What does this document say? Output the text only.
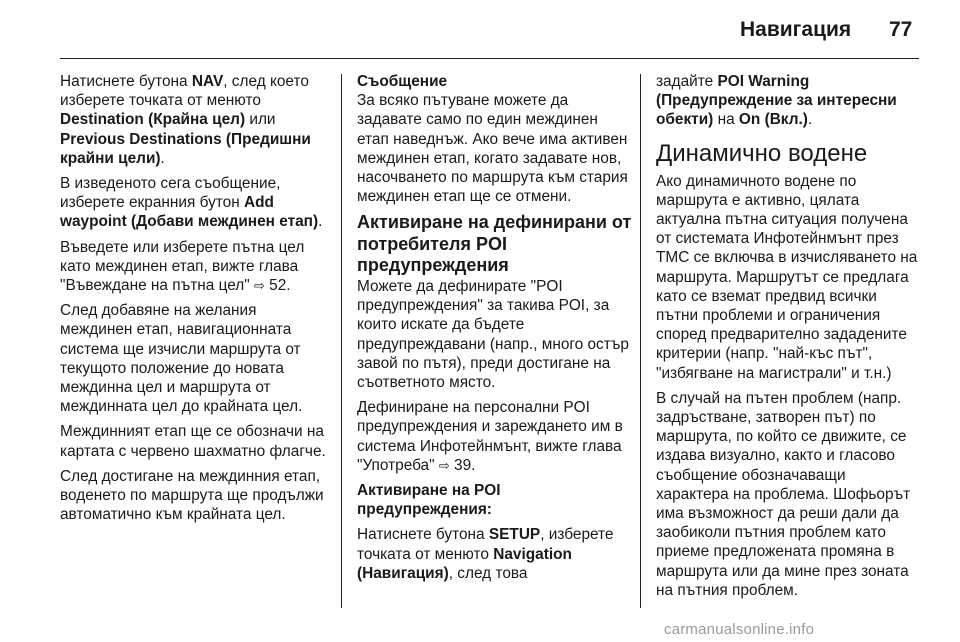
Навигация 77

Натиснете бутона NAV, след което изберете точката от менюто Destination (Крайна цел) или Previous Destinations (Предишни крайни цели).

В изведеното сега съобщение, изберете екранния бутон Add waypoint (Добави междинен етап).

Въведете или изберете пътна цел като междинен етап, вижте глава "Въвеждане на пътна цел" ⇨ 52.

След добавяне на желания междинен етап, навигационната система ще изчисли маршрута от текущото положение до новата междинна цел и маршрута от междинната цел до крайната цел.

Междинният етап ще се обозначи на картата с червено шахматно флагче.

След достигане на междинния етап, воденето по маршрута ще продължи автоматично към крайната цел.

Съобщение

За всяко пътуване можете да задавате само по един междинен етап наведнъж. Ако вече има активен междинен етап, когато задавате нов, насочването по маршрута към стария междинен етап ще се отмени.

Активиране на дефинирани от потребителя POI предупреждения

Можете да дефинирате "POI предупреждения" за такива POI, за които искате да бъдете предупреждавани (напр., много остър завой по пътя), преди достигане на съответното място.

Дефиниране на персонални POI предупреждения и зареждането им в система Инфотейнмънт, вижте глава "Употреба" ⇨ 39.

Активиране на POI предупреждения:

Натиснете бутона SETUP, изберете точката от менюто Navigation (Навигация), след това

задайте POI Warning (Предупреждение за интересни обекти) на On (Вкл.).

Динамично водене

Ако динамичното водене по маршрута е активно, цялата актуална пътна ситуация получена от системата Инфотейнмънт през TMC се включва в изчисляването на маршрута. Маршрутът се предлага като се вземат предвид всички пътни проблеми и ограничения според предварително зададените критерии (напр. "най-къс път", "избягване на магистрали" и т.н.)

В случай на пътен проблем (напр. задръстване, затворен път) по маршрута, по който се движите, се издава визуално, както и гласово съобщение обозначаващи характера на проблема. Шофьорът има възможност да реши дали да заобиколи пътния проблем като приеме предложената промяна в маршрута или да мине през зоната на пътния проблем.

carmanualsonline.info
